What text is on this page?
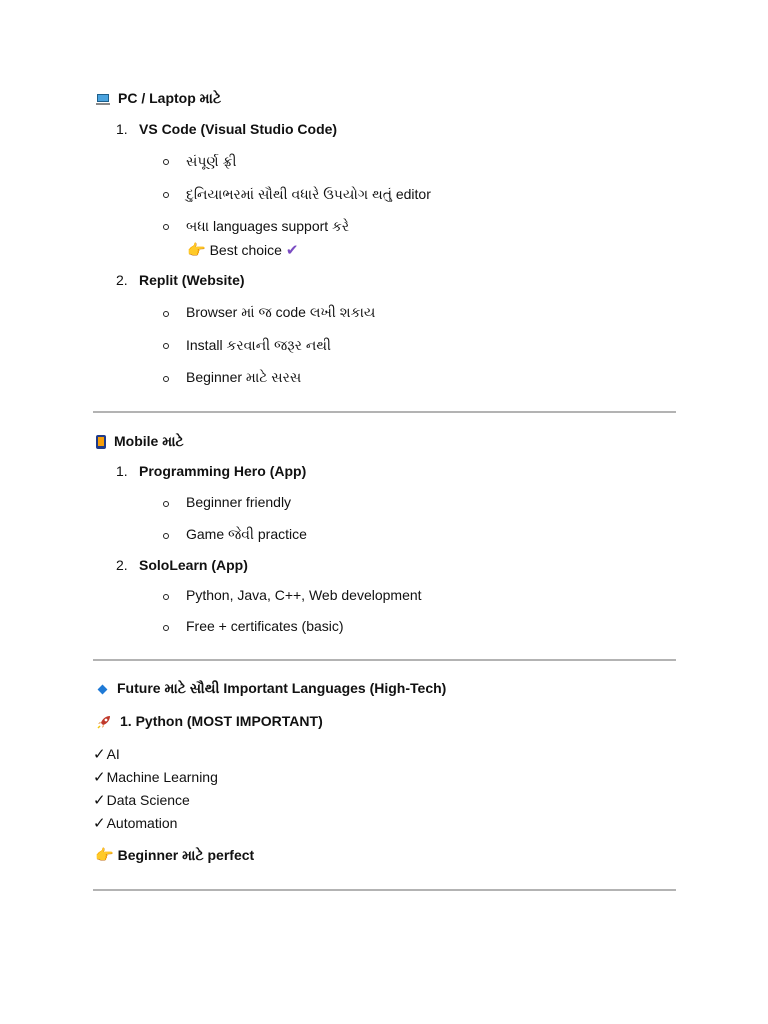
PC / Laptop માટે
1. VS Code (Visual Studio Code)
સંપૂર્ણ ફ્રી
દુનિયાભરમાં સૌથી વધારે ઉપયોગ થતું editor
બધા languages support કરે
👉 Best choice ✔
2. Replit (Website)
Browser માં જ code લખી શકાય
Install કરવાની જરૂર નથી
Beginner માટે સરસ
Mobile માટે
1. Programming Hero (App)
Beginner friendly
Game જેવી practice
2. SoloLearn (App)
Python, Java, C++, Web development
Free + certificates (basic)
Future માટે સૌથી Important Languages (High-Tech)
1. Python (MOST IMPORTANT)
✓AI
✓Machine Learning
✓Data Science
✓Automation
👉 Beginner માટે perfect
